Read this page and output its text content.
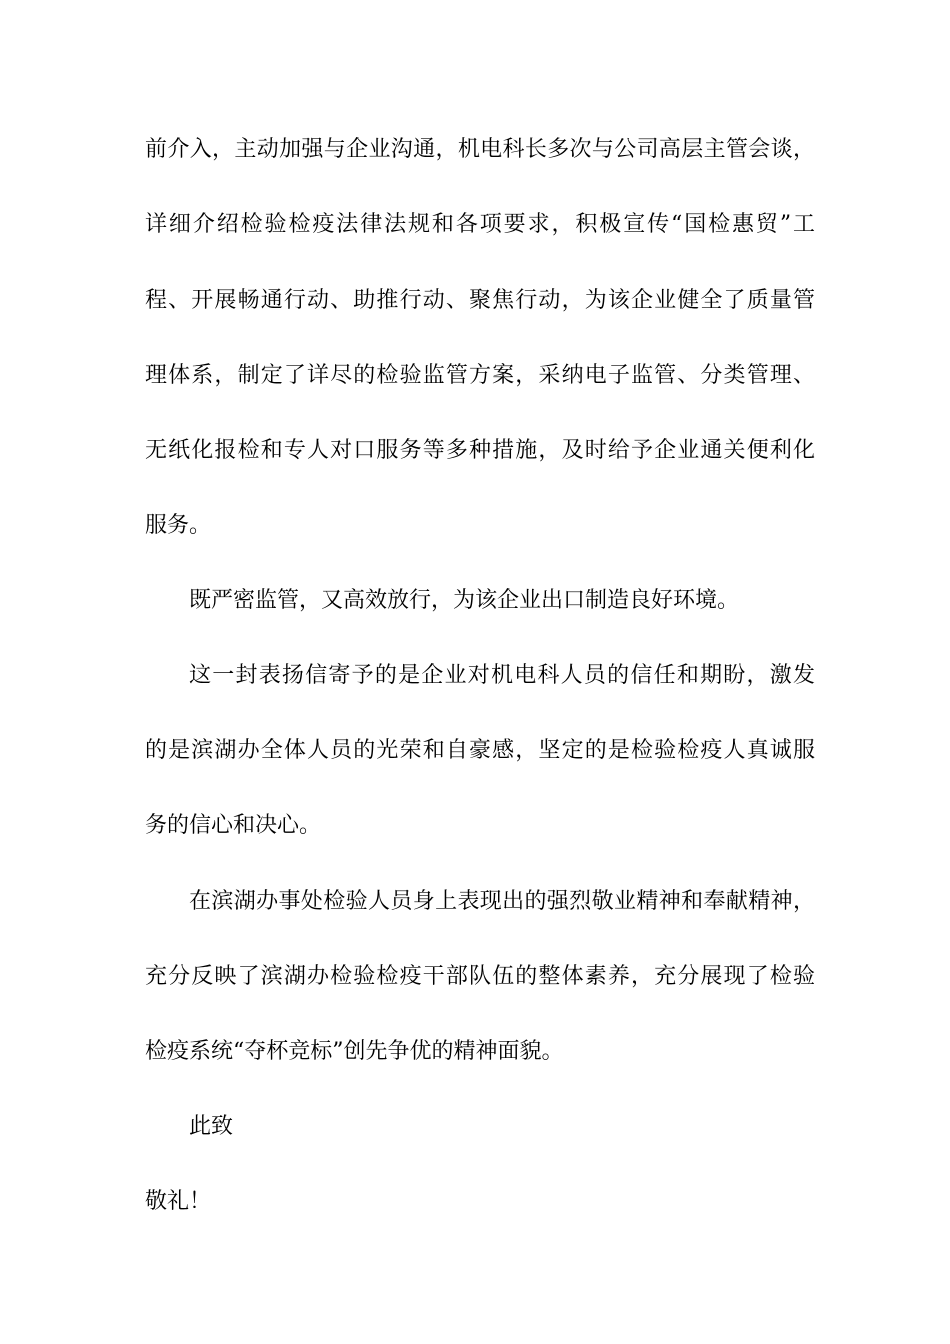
前介入，主动加强与企业沟通，机电科长多次与公司高层主管会谈，
详细介绍检验检疫法律法规和各项要求，积极宣传“国检惠贸”工
程、开展畅通行动、助推行动、聚焦行动，为该企业健全了质量管
理体系，制定了详尽的检验监管方案，采纳电子监管、分类管理、
无纸化报检和专人对口服务等多种措施，及时给予企业通关便利化
服务。
既严密监管，又高效放行，为该企业出口制造良好环境。
这一封表扬信寄予的是企业对机电科人员的信任和期盼，激发
的是滨湖办全体人员的光荣和自豪感，坚定的是检验检疫人真诚服
务的信心和决心。
在滨湖办事处检验人员身上表现出的强烈敬业精神和奉献精神，
充分反映了滨湖办检验检疫干部队伍的整体素养，充分展现了检验
检疫系统“夺杯竞标”创先争优的精神面貌。
此致
敬礼！
